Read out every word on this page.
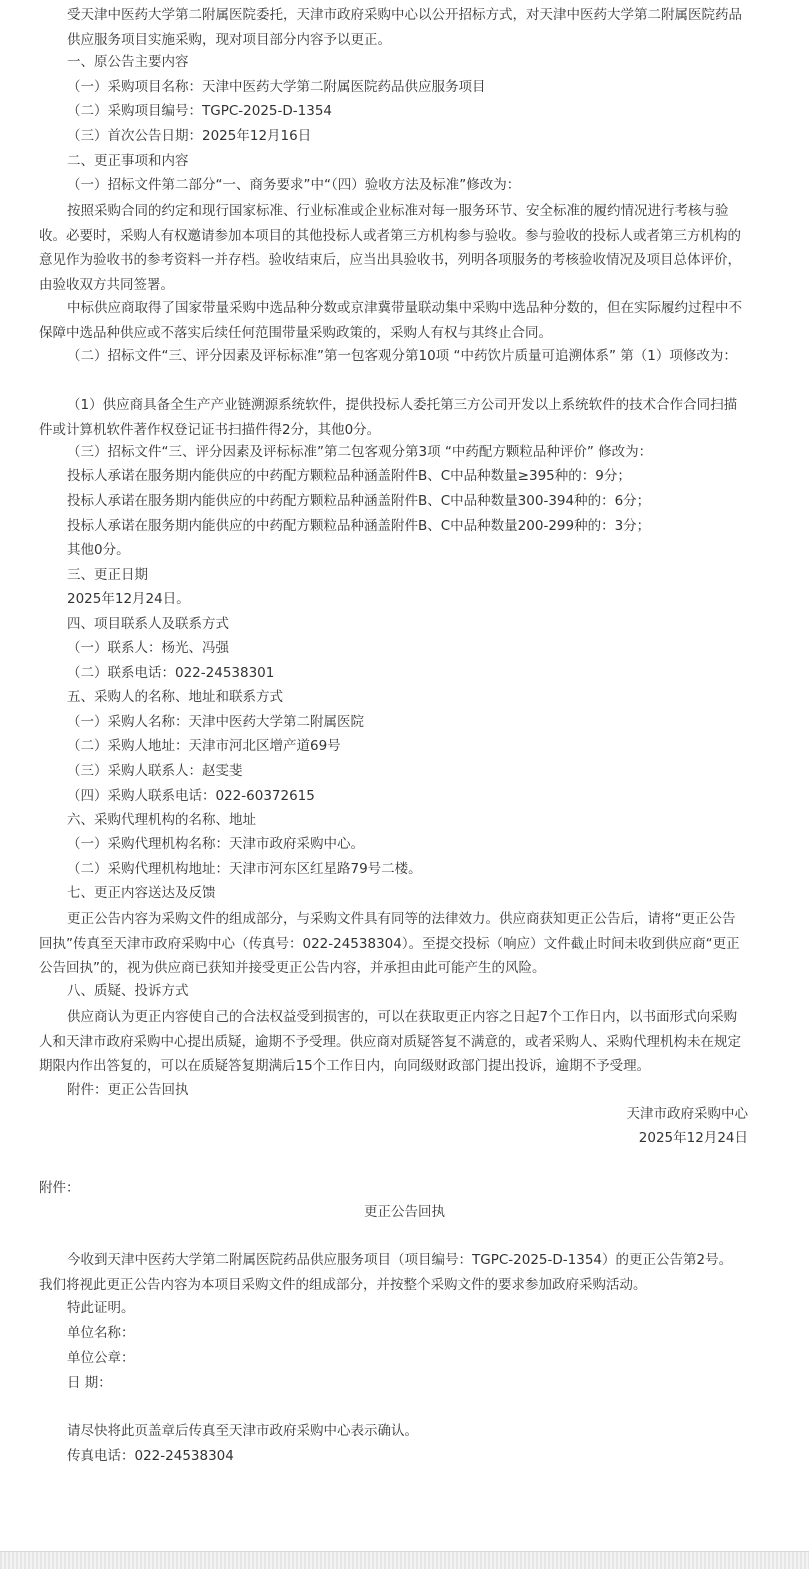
受天津中医药大学第二附属医院委托，天津市政府采购中心以公开招标方式，对天津中医药大学第二附属医院药品供应服务项目实施采购，现对项目部分内容予以更正。
一、原公告主要内容
（一）采购项目名称：天津中医药大学第二附属医院药品供应服务项目
（二）采购项目编号：TGPC-2025-D-1354
（三）首次公告日期：2025年12月16日
二、更正事项和内容
（一）招标文件第二部分“一、商务要求”中“（四）验收方法及标准”修改为：
按照采购合同的约定和现行国家标准、行业标准或企业标准对每一服务环节、安全标准的履约情况进行考核与验收。必要时，采购人有权邀请参加本项目的其他投标人或者第三方机构参与验收。参与验收的投标人或者第三方机构的意见作为验收书的参考资料一并存档。验收结束后，应当出具验收书，列明各项服务的考核验收情况及项目总体评价，由验收双方共同签署。
中标供应商取得了国家带量采购中选品种分数或京津冀带量联动集中采购中选品种分数的，但在实际履约过程中不保障中选品种供应或不落实后续任何范围带量采购政策的，采购人有权与其终止合同。
（二）招标文件“三、评分因素及评标标准”第一包客观分第10项 “中药饮片质量可追溯体系” 第（1）项修改为：
（1）供应商具备全生产产业链溯源系统软件，提供投标人委托第三方公司开发以上系统软件的技术合作合同扫描件或计算机软件著作权登记证书扫描件得2分，其他0分。
（三）招标文件“三、评分因素及评标标准”第二包客观分第3项 “中药配方颗粒品种评价” 修改为：
投标人承诺在服务期内能供应的中药配方颗粒品种涵盖附件B、C中品种数量≥395种的：9分；
投标人承诺在服务期内能供应的中药配方颗粒品种涵盖附件B、C中品种数量300-394种的：6分；
投标人承诺在服务期内能供应的中药配方颗粒品种涵盖附件B、C中品种数量200-299种的：3分；
其他0分。
三、更正日期
2025年12月24日。
四、项目联系人及联系方式
（一）联系人：杨光、冯强
（二）联系电话：022-24538301
五、采购人的名称、地址和联系方式
（一）采购人名称：天津中医药大学第二附属医院
（二）采购人地址：天津市河北区增产道69号
（三）采购人联系人：赵雯斐
（四）采购人联系电话：022-60372615
六、采购代理机构的名称、地址
（一）采购代理机构名称：天津市政府采购中心。
（二）采购代理机构地址：天津市河东区红星路79号二楼。
七、更正内容送达及反馈
更正公告内容为采购文件的组成部分，与采购文件具有同等的法律效力。供应商获知更正公告后，请将“更正公告回执”传真至天津市政府采购中心（传真号：022-24538304）。至提交投标（响应）文件截止时间未收到供应商“更正公告回执”的，视为供应商已获知并接受更正公告内容，并承担由此可能产生的风险。
八、质疑、投诉方式
供应商认为更正内容使自己的合法权益受到损害的，可以在获取更正内容之日起7个工作日内，以书面形式向采购人和天津市政府采购中心提出质疑，逾期不予受理。供应商对质疑答复不满意的，或者采购人、采购代理机构未在规定期限内作出答复的，可以在质疑答复期满后15个工作日内，向同级财政部门提出投诉，逾期不予受理。
附件：更正公告回执
天津市政府采购中心
2025年12月24日
附件：
更正公告回执
今收到天津中医药大学第二附属医院药品供应服务项目（项目编号：TGPC-2025-D-1354）的更正公告第2号。我们将视此更正公告内容为本项目采购文件的组成部分，并按整个采购文件的要求参加政府采购活动。
特此证明。
单位名称：
单位公章：
日 期：
请尽快将此页盖章后传真至天津市政府采购中心表示确认。
传真电话：022-24538304
